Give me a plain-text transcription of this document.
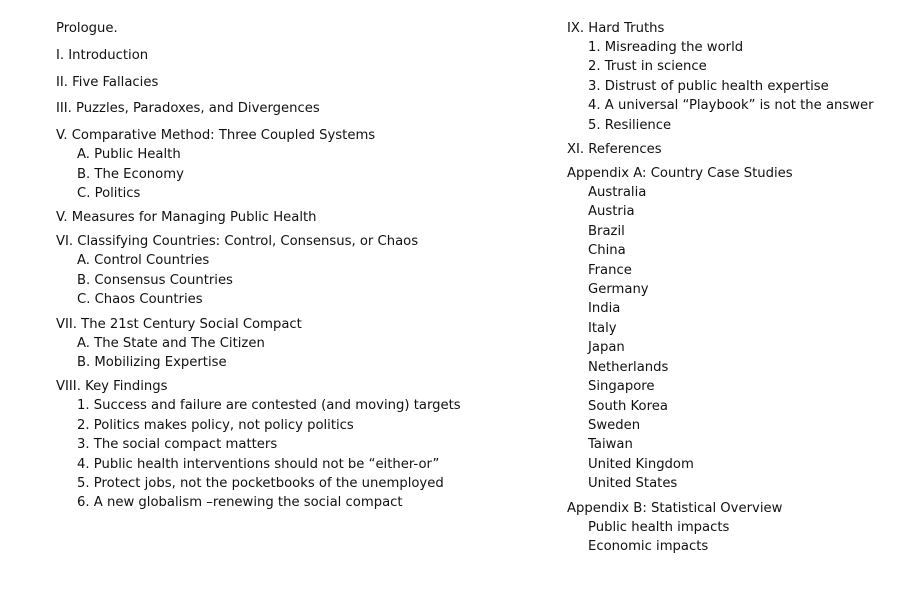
Prologue.
I. Introduction
II. Five Fallacies
III. Puzzles, Paradoxes, and Divergences
V. Comparative Method: Three Coupled Systems
A. Public Health
B. The Economy
C. Politics
V. Measures for Managing Public Health
VI. Classifying Countries: Control, Consensus, or Chaos
A. Control Countries
B. Consensus Countries
C. Chaos Countries
VII. The 21st Century Social Compact
A. The State and The Citizen
B. Mobilizing Expertise
VIII. Key Findings
1. Success and failure are contested (and moving) targets
2. Politics makes policy, not policy politics
3. The social compact matters
4. Public health interventions should not be “either-or”
5. Protect jobs, not the pocketbooks of the unemployed
6. A new globalism –renewing the social compact
IX. Hard Truths
1. Misreading the world
2. Trust in science
3. Distrust of public health expertise
4. A universal “Playbook” is not the answer
5. Resilience
XI. References
Appendix A: Country Case Studies
Australia
Austria
Brazil
China
France
Germany
India
Italy
Japan
Netherlands
Singapore
South Korea
Sweden
Taiwan
United Kingdom
United States
Appendix B: Statistical Overview
Public health impacts
Economic impacts
